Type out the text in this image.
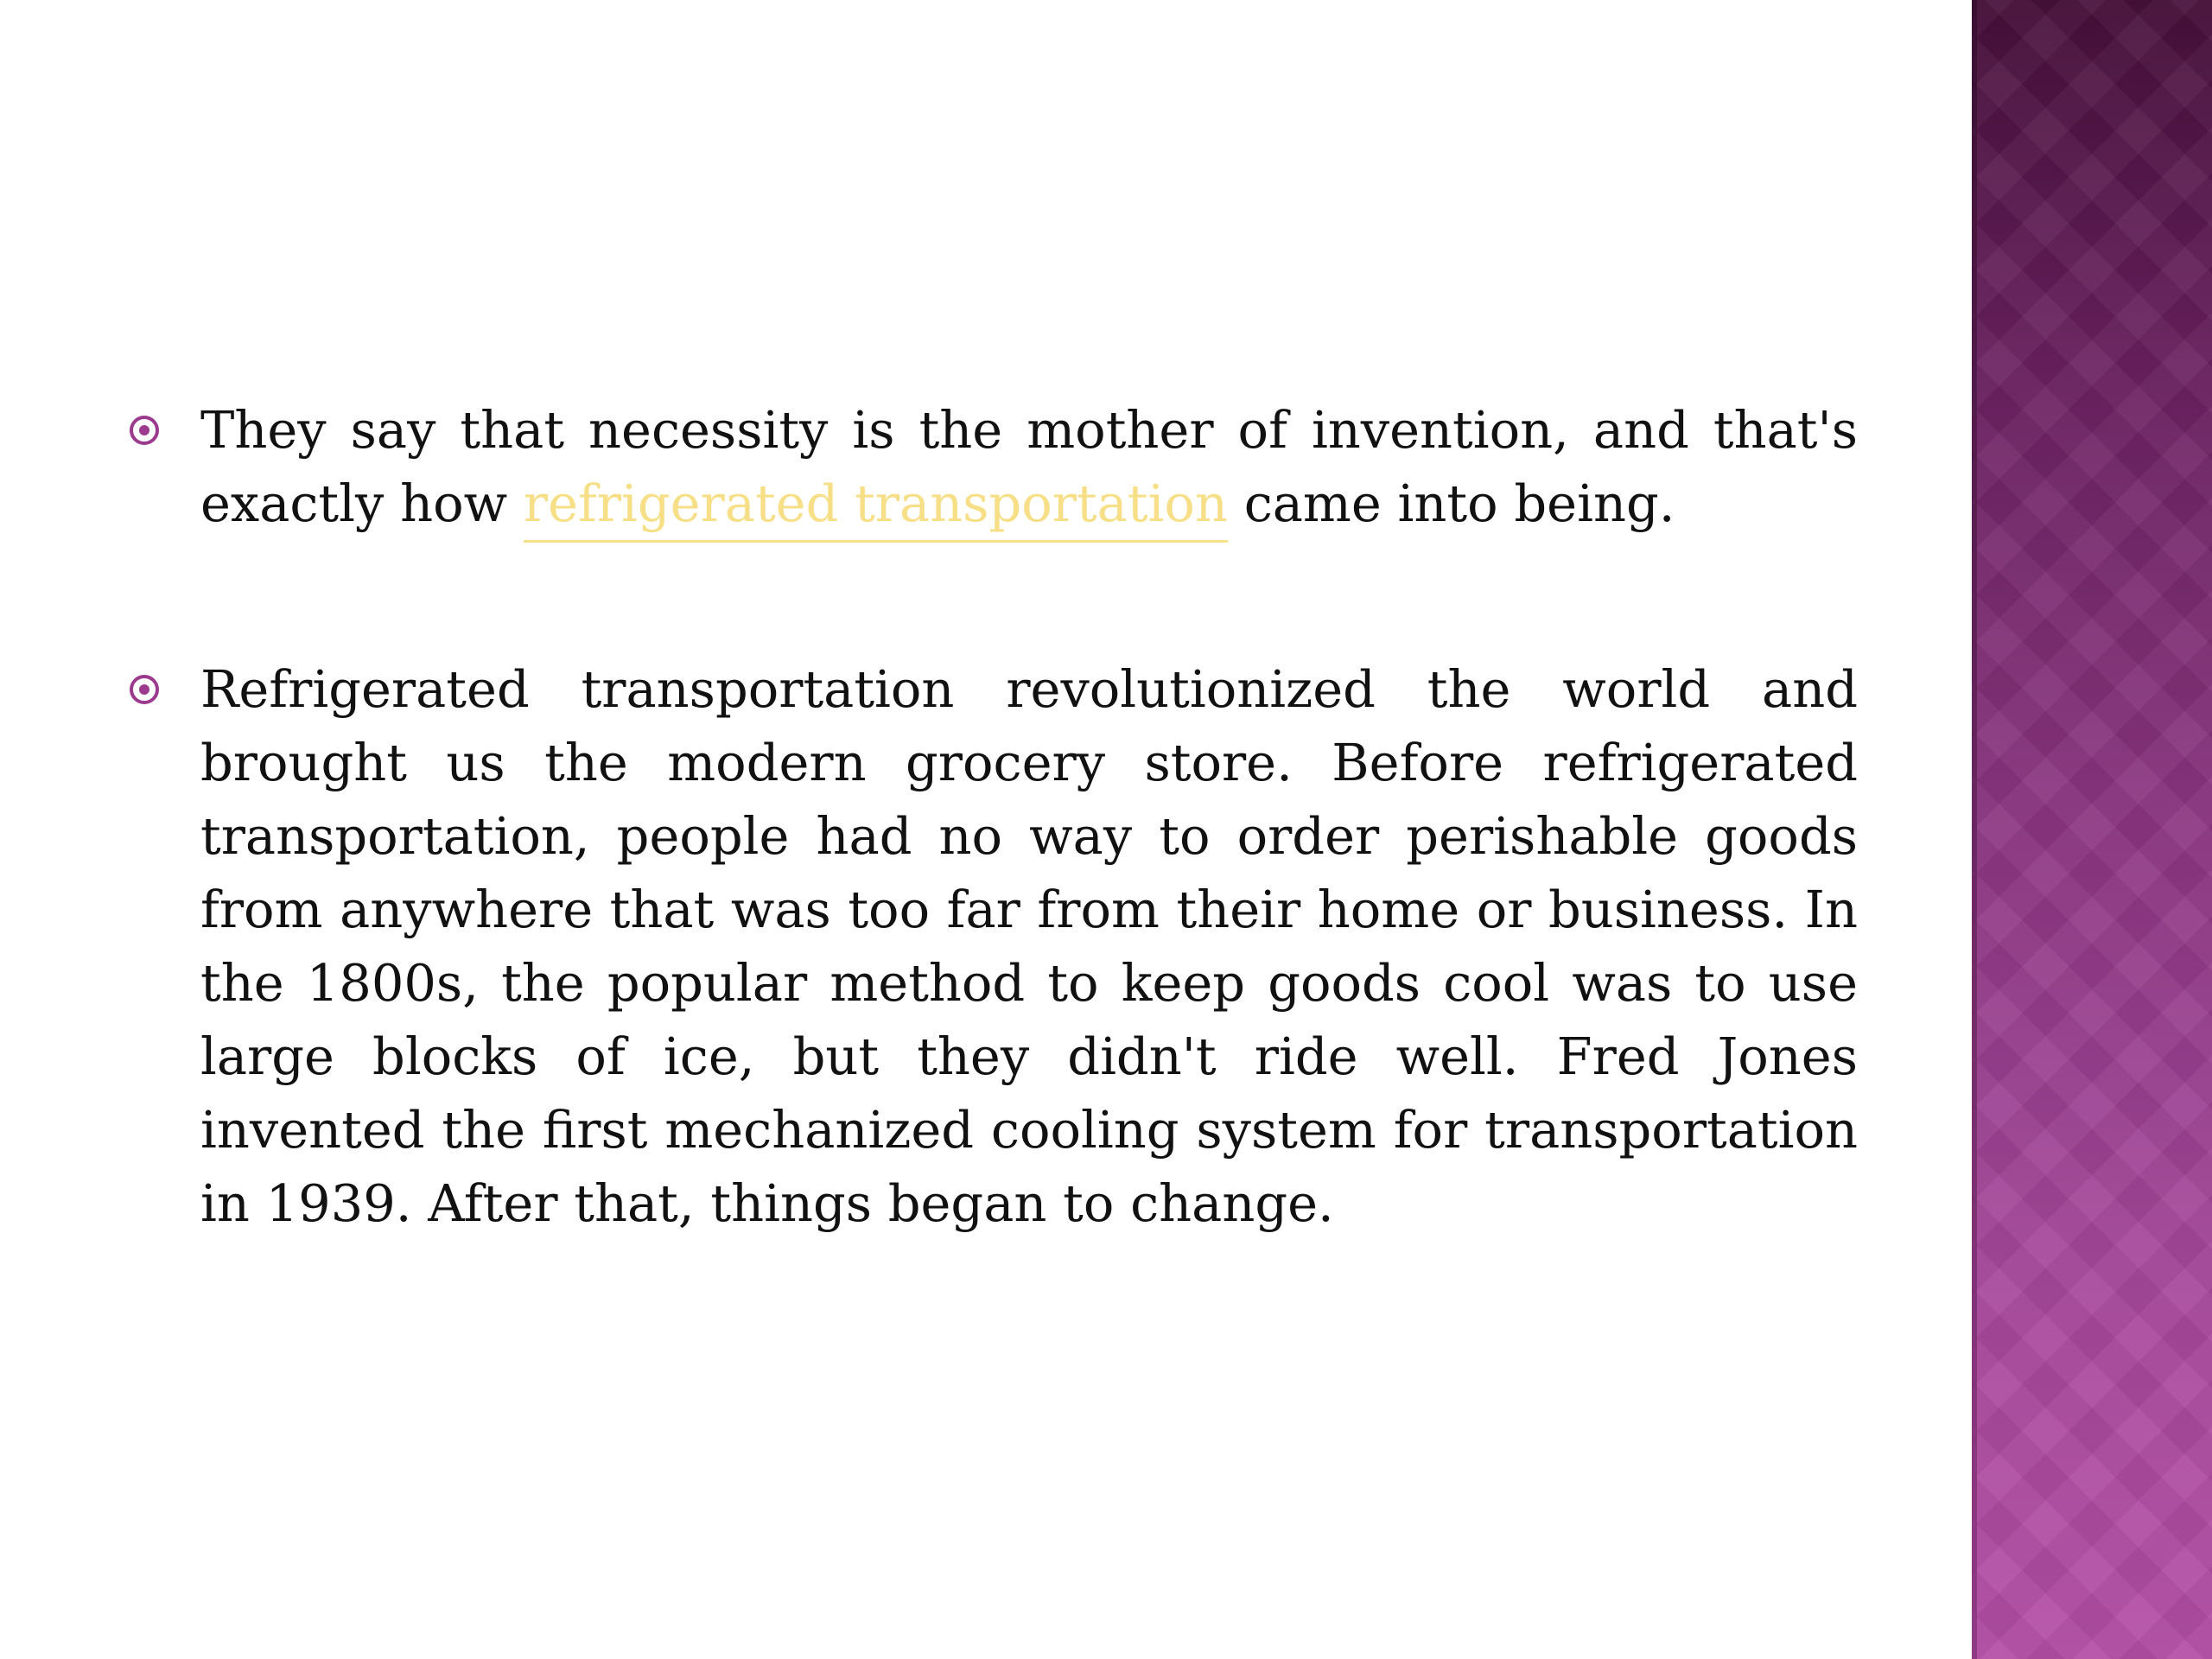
They say that necessity is the mother of invention, and that's exactly how refrigerated transportation came into being.
Refrigerated transportation revolutionized the world and brought us the modern grocery store. Before refrigerated transportation, people had no way to order perishable goods from anywhere that was too far from their home or business. In the 1800s, the popular method to keep goods cool was to use large blocks of ice, but they didn't ride well. Fred Jones invented the first mechanized cooling system for transportation in 1939. After that, things began to change.
